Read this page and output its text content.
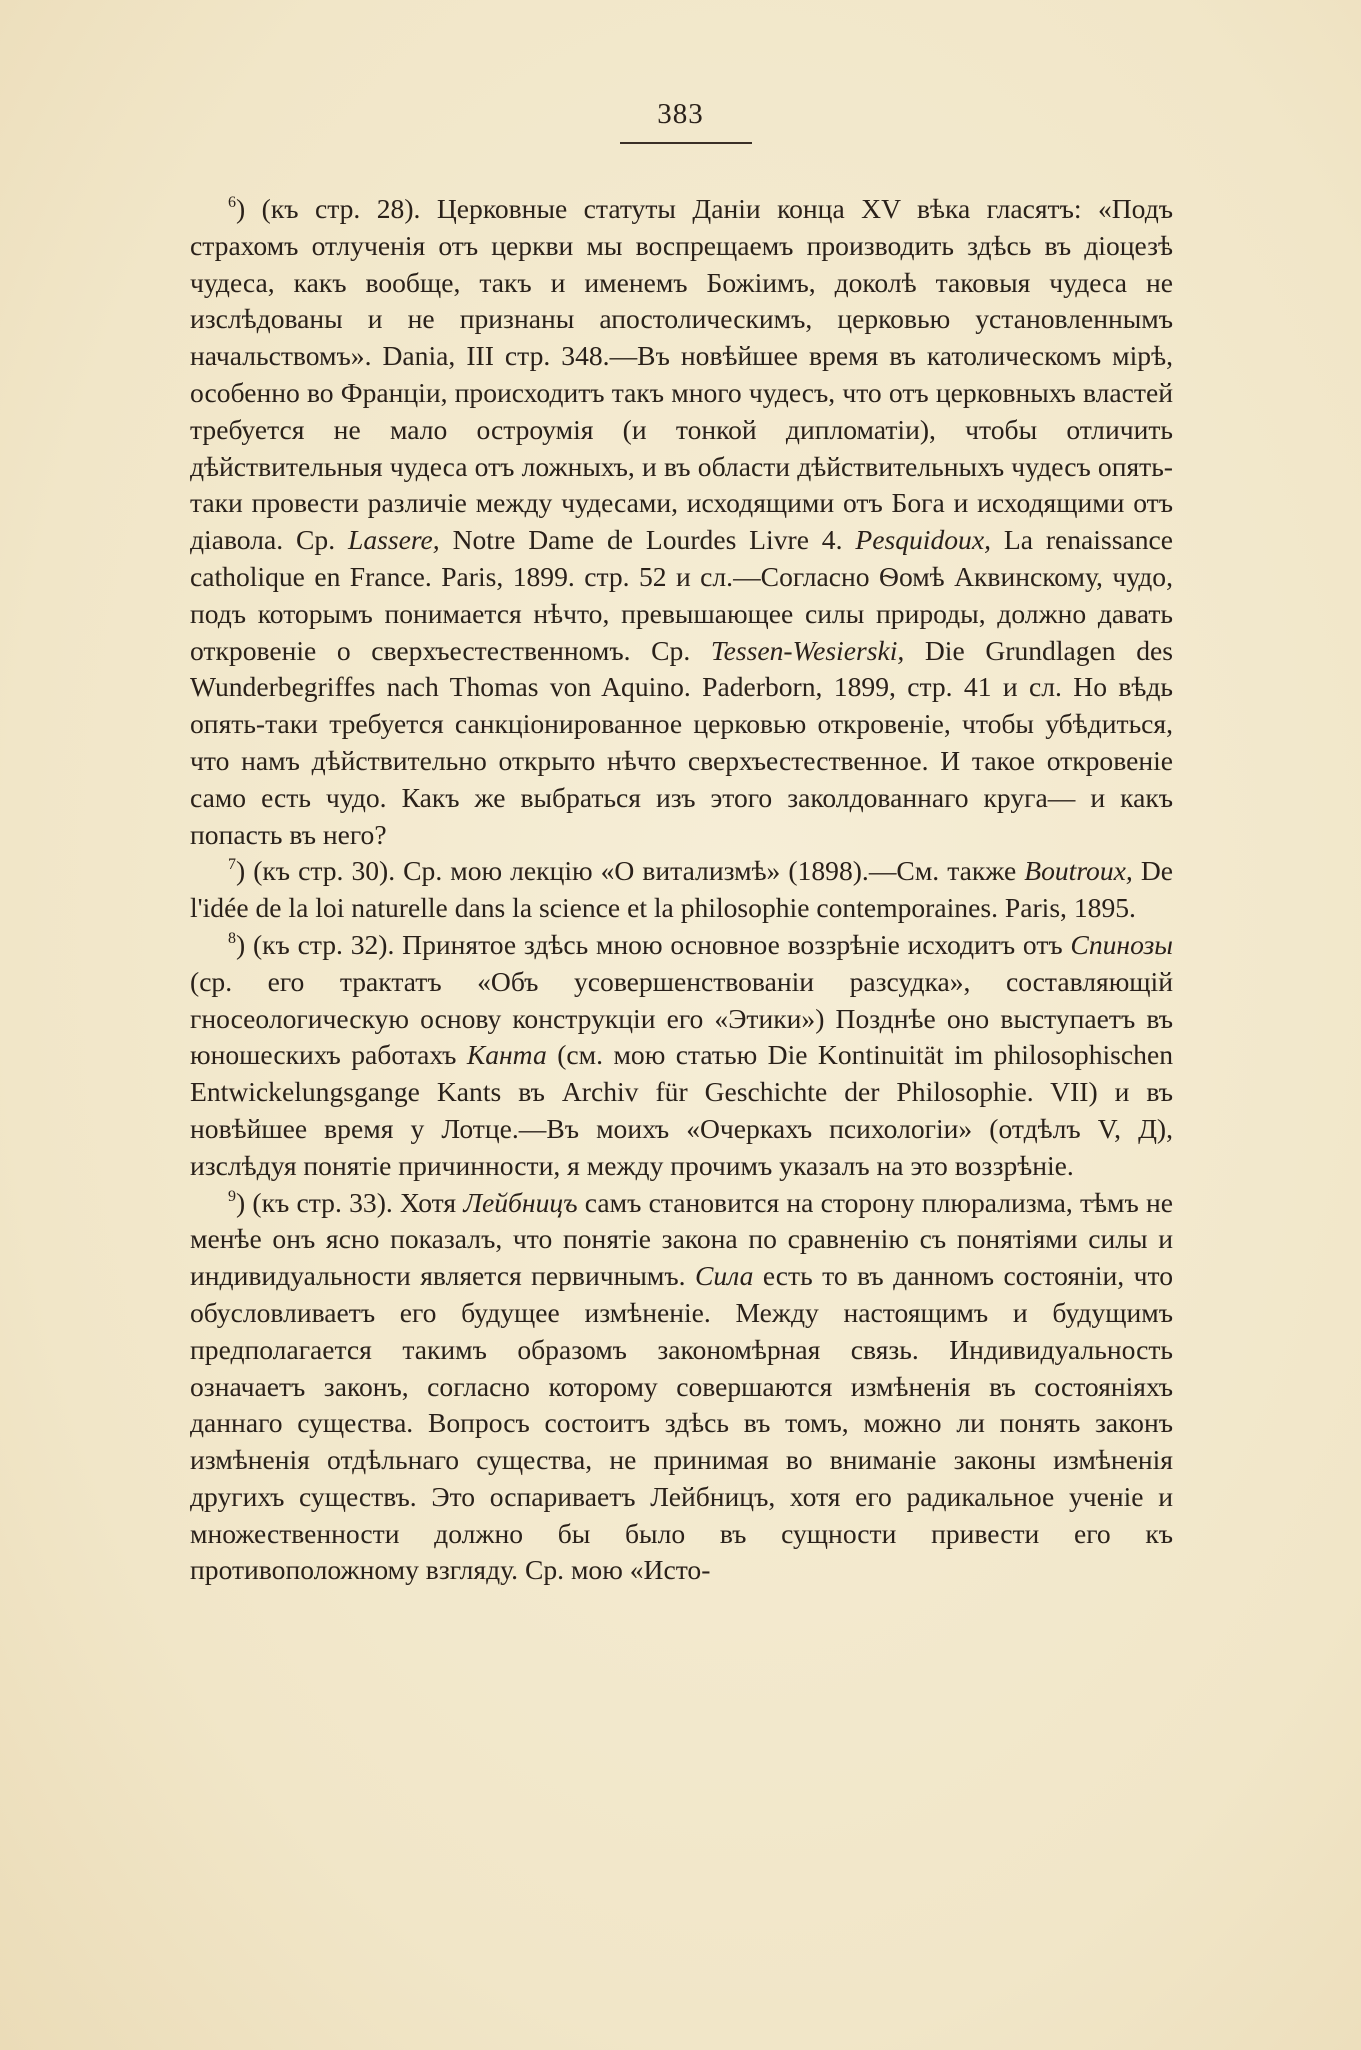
383

$^6$) (къ стр. 28). Церковные статуты Даніи конца XV вѣка гласятъ: «Подъ страхомъ отлученія отъ церкви мы воспрещаемъ производить здѣсь въ діоцезѣ чудеса, какъ вообще, такъ и именемъ Божіимъ, доколѣ таковыя чудеса не изслѣдованы и не признаны апостолическимъ, церковью установленнымъ начальствомъ». Dania, III стр. 348.—Въ новѣйшее время въ католическомъ мірѣ, особенно во Франціи, происходитъ такъ много чудесъ, что отъ церковныхъ властей требуется не мало остроумія (и тонкой дипломатіи), чтобы отличить дѣйствительныя чудеса отъ ложныхъ, и въ области дѣйствительныхъ чудесъ опять-таки провести различіе между чудесами, исходящими отъ Бога и исходящими отъ діавола. Ср. Lassere, Notre Dame de Lourdes Livre 4. Pesquidoux, La renaissance catholique en France. Paris, 1899. стр. 52 и сл.—Согласно Ѳомѣ Аквинскому, чудо, подъ которымъ понимается нѣчто, превышающее силы природы, должно давать откровеніе о сверхъестественномъ. Ср. Tessen-Wesierski, Die Grundlagen des Wunderbegriffes nach Thomas von Aquino. Paderborn, 1899, стр. 41 и сл. Но вѣдь опять-таки требуется санкціонированное церковью откровеніе, чтобы убѣдиться, что намъ дѣйствительно открыто нѣчто сверхъестественное. И такое откровеніе само есть чудо. Какъ же выбраться изъ этого заколдованнаго круга— и какъ попасть въ него?

$^7$) (къ стр. 30). Ср. мою лекцію «О витализмѣ» (1898).—См. также Boutroux, De l'idée de la loi naturelle dans la science et la philosophie contemporaines. Paris, 1895.

$^8$) (къ стр. 32). Принятое здѣсь мною основное воззрѣніе исходитъ отъ Спинозы (ср. его трактатъ «Объ усовершенствованіи разсудка», составляющій гносеологическую основу конструкціи его «Этики») Позднѣе оно выступаетъ въ юношескихъ работахъ Канта (см. мою статью Die Kontinuität im philosophischen Entwickelungsgange Kants въ Archiv für Geschichte der Philosophie. VII) и въ новѣйшее время у Лотце.—Въ моихъ «Очеркахъ психологіи» (отдѣлъ V, Д), изслѣдуя понятіе причинности, я между прочимъ указалъ на это воззрѣніе.

$^9$) (къ стр. 33). Хотя Лейбницъ самъ становится на сторону плюрализма, тѣмъ не менѣе онъ ясно показалъ, что понятіе закона по сравненію съ понятіями силы и индивидуальности является первичнымъ. Сила есть то въ данномъ состояніи, что обусловливаетъ его будущее измѣненіе. Между настоящимъ и будущимъ предполагается такимъ образомъ закономѣрная связь. Индивидуальность означаетъ законъ, согласно которому совершаются измѣненія въ состояніяхъ даннаго существа. Вопросъ состоитъ здѣсь въ томъ, можно ли понять законъ измѣненія отдѣльнаго существа, не принимая во вниманіе законы измѣненія другихъ существъ. Это оспариваетъ Лейбницъ, хотя его радикальное ученіе и множественности должно бы было въ сущности привести его къ противоположному взгляду. Ср. мою «Исто-
